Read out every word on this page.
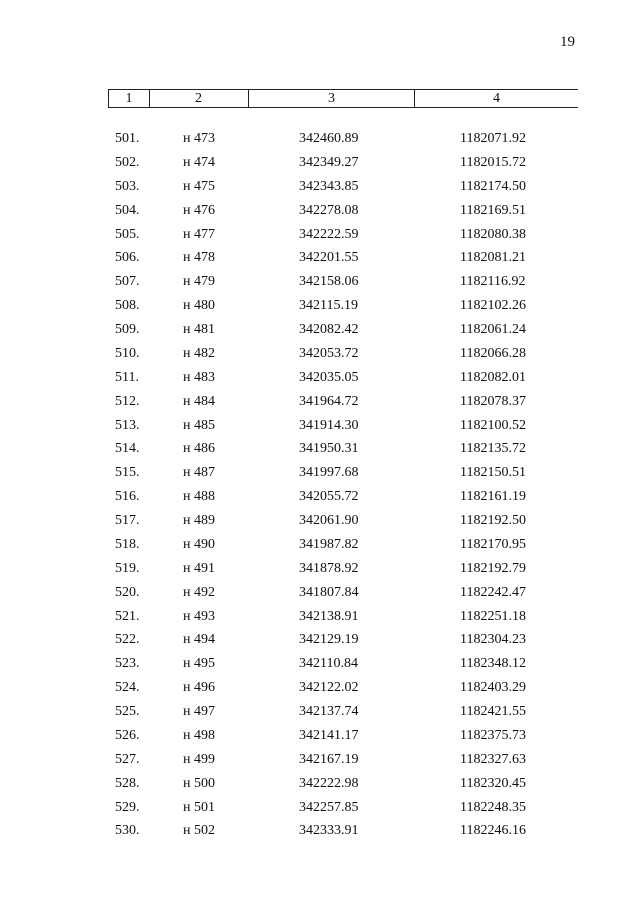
19
1	2	3	4
501.	н 473	342460.89	1182071.92
502.	н 474	342349.27	1182015.72
503.	н 475	342343.85	1182174.50
504.	н 476	342278.08	1182169.51
505.	н 477	342222.59	1182080.38
506.	н 478	342201.55	1182081.21
507.	н 479	342158.06	1182116.92
508.	н 480	342115.19	1182102.26
509.	н 481	342082.42	1182061.24
510.	н 482	342053.72	1182066.28
511.	н 483	342035.05	1182082.01
512.	н 484	341964.72	1182078.37
513.	н 485	341914.30	1182100.52
514.	н 486	341950.31	1182135.72
515.	н 487	341997.68	1182150.51
516.	н 488	342055.72	1182161.19
517.	н 489	342061.90	1182192.50
518.	н 490	341987.82	1182170.95
519.	н 491	341878.92	1182192.79
520.	н 492	341807.84	1182242.47
521.	н 493	342138.91	1182251.18
522.	н 494	342129.19	1182304.23
523.	н 495	342110.84	1182348.12
524.	н 496	342122.02	1182403.29
525.	н 497	342137.74	1182421.55
526.	н 498	342141.17	1182375.73
527.	н 499	342167.19	1182327.63
528.	н 500	342222.98	1182320.45
529.	н 501	342257.85	1182248.35
530.	н 502	342333.91	1182246.16
